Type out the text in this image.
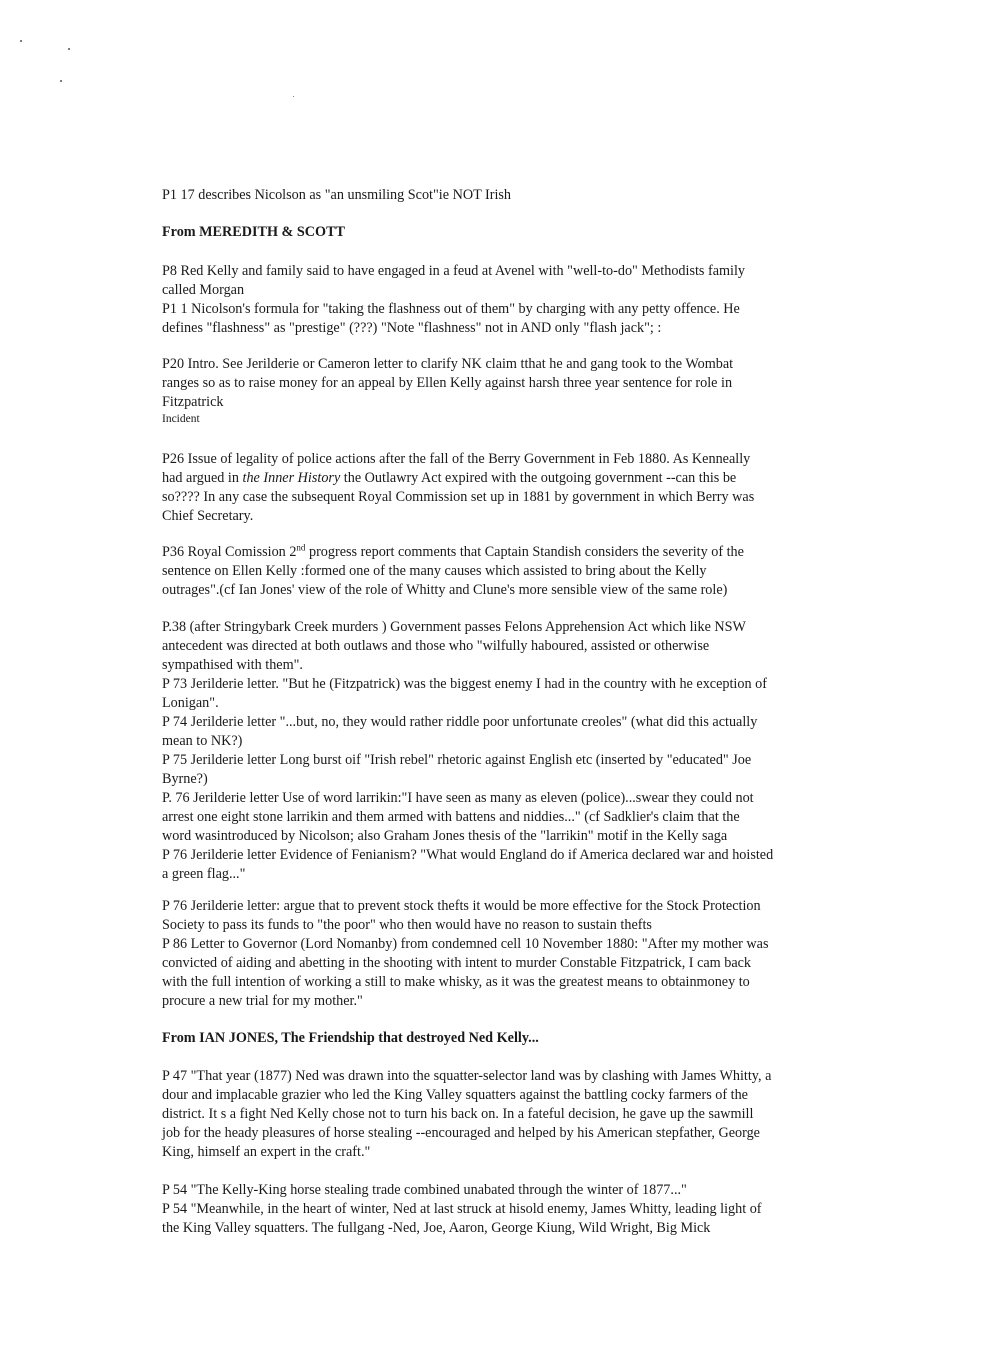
P1 17 describes Nicolson as "an unsmiling Scot"ie NOT Irish
From MEREDITH & SCOTT
P8 Red Kelly and family said to have engaged in a feud at Avenel with "well-to-do" Methodists family
called Morgan
P1 1 Nicolson's formula for "taking the flashness out of them" by charging with any petty offence. He
defines "flashness" as "prestige" (???) "Note "flashness" not in AND only "flash jack"; :
P20 Intro. See Jerilderie or Cameron letter to clarify NK claim tthat he and gang took to the Wombat
ranges so as to raise money for an appeal by Ellen Kelly against harsh three year sentence for role in
Fitzpatrick
Incident
P26 Issue of legality of police actions after the fall of the Berry Government in Feb 1880. As Kenneally
had argued in the Inner History the Outlawry Act expired with the outgoing government --can this be
so???? In any case the subsequent Royal Commission set up in 1881 by government in which Berry was
Chief Secretary.
P36 Royal Comission 2nd progress report comments that Captain Standish considers the severity of the
sentence on Ellen Kelly :formed one of the many causes which assisted to bring about the Kelly
outrages".(cf Ian Jones' view of the role of Whitty and Clune's more sensible view of the same role)
P.38 (after Stringybark Creek murders ) Government passes Felons Apprehension Act which like NSW
antecedent was directed at both outlaws and those who "wilfully haboured, assisted or otherwise
sympathised with them".
P 73 Jerilderie letter. "But he (Fitzpatrick) was the biggest enemy I had in the country with he exception of
Lonigan".
P 74 Jerilderie letter "...but, no, they would rather riddle poor unfortunate creoles" (what did this actually
mean to NK?)
P 75 Jerilderie letter Long burst oif "Irish rebel" rhetoric against English etc (inserted by "educated" Joe
Byrne?)
P. 76 Jerilderie letter Use of word larrikin:"I have seen as many as eleven (police)...swear they could not
arrest one eight stone larrikin and them armed with battens and niddies..." (cf Sadklier's claim that the
word wasintroduced by Nicolson; also Graham Jones thesis of the "larrikin" motif in the Kelly saga
P 76 Jerilderie letter Evidence of Fenianism? "What would England do if America declared war and hoisted
a green flag..."
P 76 Jerilderie letter: argue that to prevent stock thefts it would be more effective for the Stock Protection
Society to pass its funds to "the poor" who then would have no reason to sustain thefts
P 86 Letter to Governor (Lord Nomanby) from condemned cell 10 November 1880: "After my mother was
convicted of aiding and abetting in the shooting with intent to murder Constable Fitzpatrick, I cam back
with the full intention of working a still to make whisky, as it was the greatest means to obtainmoney to
procure a new trial for my mother."
From IAN JONES, The Friendship that destroyed Ned Kelly...
P 47 "That year (1877) Ned was drawn into the squatter-selector land was by clashing with James Whitty, a
dour and implacable grazier who led the King Valley squatters against the battling cocky farmers of the
district. It s a fight Ned Kelly chose not to turn his back on. In a fateful decision, he gave up the sawmill
job for the heady pleasures of horse stealing --encouraged and helped by his American stepfather, George
King, himself an expert in the craft."
P 54 "The Kelly-King horse stealing trade combined unabated through the winter of 1877..."
P 54 "Meanwhile, in the heart of winter, Ned at last struck at hisold enemy, James Whitty, leading light of
the King Valley squatters. The fullgang -Ned, Joe, Aaron, George Kiung, Wild Wright, Big Mick
